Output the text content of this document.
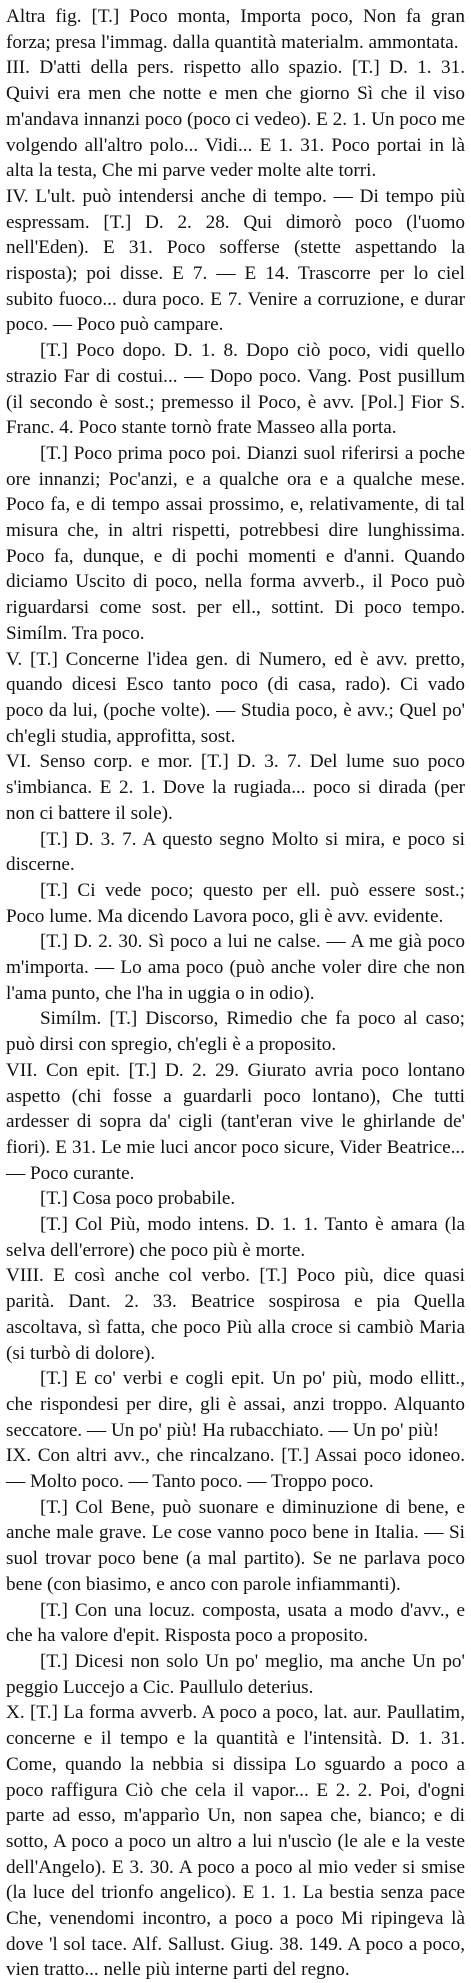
Altra fig. [T.] Poco monta, Importa poco, Non fa gran forza; presa l'immag. dalla quantità materialm. ammontata.

III. D'atti della pers. rispetto allo spazio. [T.] D. 1. 31. Quivi era men che notte e men che giorno Sì che il viso m'andava innanzi poco (poco ci vedeo). E 2. 1. Un poco me volgendo all'altro polo... Vidi... E 1. 31. Poco portai in là alta la testa, Che mi parve veder molte alte torri.

IV. L'ult. può intendersi anche di tempo. — Di tempo più espressam. [T.] D. 2. 28. Qui dimorò poco (l'uomo nell'Eden). E 31. Poco sofferse (stette aspettando la risposta); poi disse. E 7. — E 14. Trascorre per lo ciel subito fuoco... dura poco. E 7. Venire a corruzione, e durar poco. — Poco può campare.

[T.] Poco dopo. D. 1. 8. Dopo ciò poco, vidi quello strazio Far di costui... — Dopo poco. Vang. Post pusillum (il secondo è sost.; premesso il Poco, è avv. [Pol.] Fior S. Franc. 4. Poco stante tornò frate Masseo alla porta.

[T.] Poco prima poco poi. Dianzi suol riferirsi a poche ore innanzi; Poc'anzi, e a qualche ora e a qualche mese. Poco fa, e di tempo assai prossimo, e, relativamente, di tal misura che, in altri rispetti, potrebbesi dire lunghissima. Poco fa, dunque, e di pochi momenti e d'anni. Quando diciamo Uscito di poco, nella forma avverb., il Poco può riguardarsi come sost. per ell., sottint. Di poco tempo. Simílm. Tra poco.

V. [T.] Concerne l'idea gen. di Numero, ed è avv. pretto, quando dicesi Esco tanto poco (di casa, rado). Ci vado poco da lui, (poche volte). — Studia poco, è avv.; Quel po' ch'egli studia, approfitta, sost.

VI. Senso corp. e mor. [T.] D. 3. 7. Del lume suo poco s'imbianca. E 2. 1. Dove la rugiada... poco si dirada (per non ci battere il sole).

[T.] D. 3. 7. A questo segno Molto si mira, e poco si discerne.

[T.] Ci vede poco; questo per ell. può essere sost.; Poco lume. Ma dicendo Lavora poco, gli è avv. evidente.

[T.] D. 2. 30. Sì poco a lui ne calse. — A me già poco m'importa. — Lo ama poco (può anche voler dire che non l'ama punto, che l'ha in uggia o in odio).

Simílm. [T.] Discorso, Rimedio che fa poco al caso; può dirsi con spregio, ch'egli è a proposito.

VII. Con epit. [T.] D. 2. 29. Giurato avria poco lontano aspetto (chi fosse a guardarli poco lontano), Che tutti ardesser di sopra da' cigli (tant'eran vive le ghirlande de' fiori). E 31. Le mie luci ancor poco sicure, Vider Beatrice... — Poco curante.

[T.] Cosa poco probabile.

[T.] Col Più, modo intens. D. 1. 1. Tanto è amara (la selva dell'errore) che poco più è morte.

VIII. E così anche col verbo. [T.] Poco più, dice quasi parità. Dant. 2. 33. Beatrice sospirosa e pia Quella ascoltava, sì fatta, che poco Più alla croce si cambiò Maria (si turbò di dolore).

[T.] E co' verbi e cogli epit. Un po' più, modo ellitt., che rispondesi per dire, gli è assai, anzi troppo. Alquanto seccatore. — Un po' più! Ha rubacchiato. — Un po' più!

IX. Con altri avv., che rincalzano. [T.] Assai poco idoneo. — Molto poco. — Tanto poco. — Troppo poco.

[T.] Col Bene, può suonare e diminuzione di bene, e anche male grave. Le cose vanno poco bene in Italia. — Si suol trovar poco bene (a mal partito). Se ne parlava poco bene (con biasimo, e anco con parole infiammanti).

[T.] Con una locuz. composta, usata a modo d'avv., e che ha valore d'epit. Risposta poco a proposito.

[T.] Dicesi non solo Un po' meglio, ma anche Un po' peggio Luccejo a Cic. Paullulo deterius.

X. [T.] La forma avverb. A poco a poco, lat. aur. Paullatim, concerne e il tempo e la quantità e l'intensità. D. 1. 31. Come, quando la nebbia si dissipa Lo sguardo a poco a poco raffigura Ciò che cela il vapor... E 2. 2. Poi, d'ogni parte ad esso, m'apparìo Un, non sapea che, bianco; e di sotto, A poco a poco un altro a lui n'uscìo (le ale e la veste dell'Angelo). E 3. 30. A poco a poco al mio veder si smise (la luce del trionfo angelico). E 1. 1. La bestia senza pace Che, venendomi incontro, a poco a poco Mi ripingeva là dove 'l sol tace. Alf. Sallust. Giug. 38. 149. A poco a poco, vien tratto... nelle più interne parti del regno.
